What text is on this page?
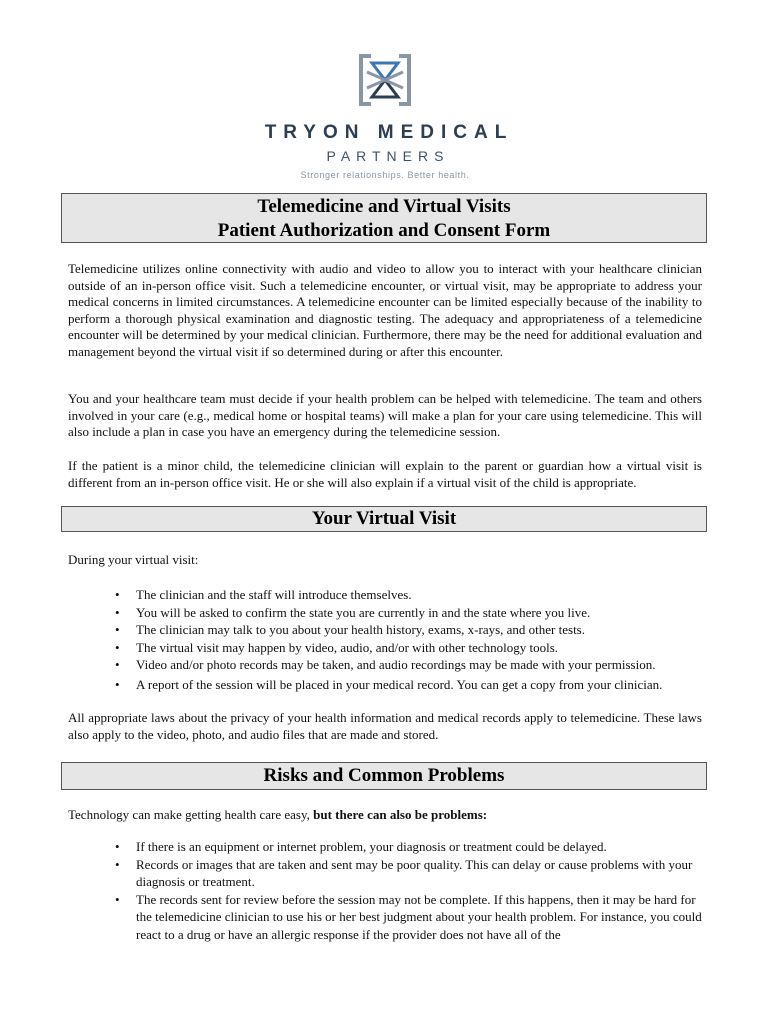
TRYON MEDICAL
PARTNERS
Stronger relationships. Better health.
Telemedicine and Virtual Visits
Patient Authorization and Consent Form

Telemedicine utilizes online connectivity with audio and video to allow you to interact with your healthcare clinician outside of an in-person office visit. Such a telemedicine encounter, or virtual visit, may be appropriate to address your medical concerns in limited circumstances. A telemedicine encounter can be limited especially because of the inability to perform a thorough physical examination and diagnostic testing. The adequacy and appropriateness of a telemedicine encounter will be determined by your medical clinician. Furthermore, there may be the need for additional evaluation and management beyond the virtual visit if so determined during or after this encounter.

You and your healthcare team must decide if your health problem can be helped with telemedicine. The team and others involved in your care (e.g., medical home or hospital teams) will make a plan for your care using telemedicine. This will also include a plan in case you have an emergency during the telemedicine session.

If the patient is a minor child, the telemedicine clinician will explain to the parent or guardian how a virtual visit is different from an in-person office visit. He or she will also explain if a virtual visit of the child is appropriate.

Your Virtual Visit

During your virtual visit:

• The clinician and the staff will introduce themselves.
• You will be asked to confirm the state you are currently in and the state where you live.
• The clinician may talk to you about your health history, exams, x-rays, and other tests.
• The virtual visit may happen by video, audio, and/or with other technology tools.
• Video and/or photo records may be taken, and audio recordings may be made with your permission.
• A report of the session will be placed in your medical record. You can get a copy from your clinician.

All appropriate laws about the privacy of your health information and medical records apply to telemedicine. These laws also apply to the video, photo, and audio files that are made and stored.

Risks and Common Problems

Technology can make getting health care easy, but there can also be problems:

• If there is an equipment or internet problem, your diagnosis or treatment could be delayed.
• Records or images that are taken and sent may be poor quality. This can delay or cause problems with your diagnosis or treatment.
• The records sent for review before the session may not be complete. If this happens, then it may be hard for the telemedicine clinician to use his or her best judgment about your health problem. For instance, you could react to a drug or have an allergic response if the provider does not have all of the
